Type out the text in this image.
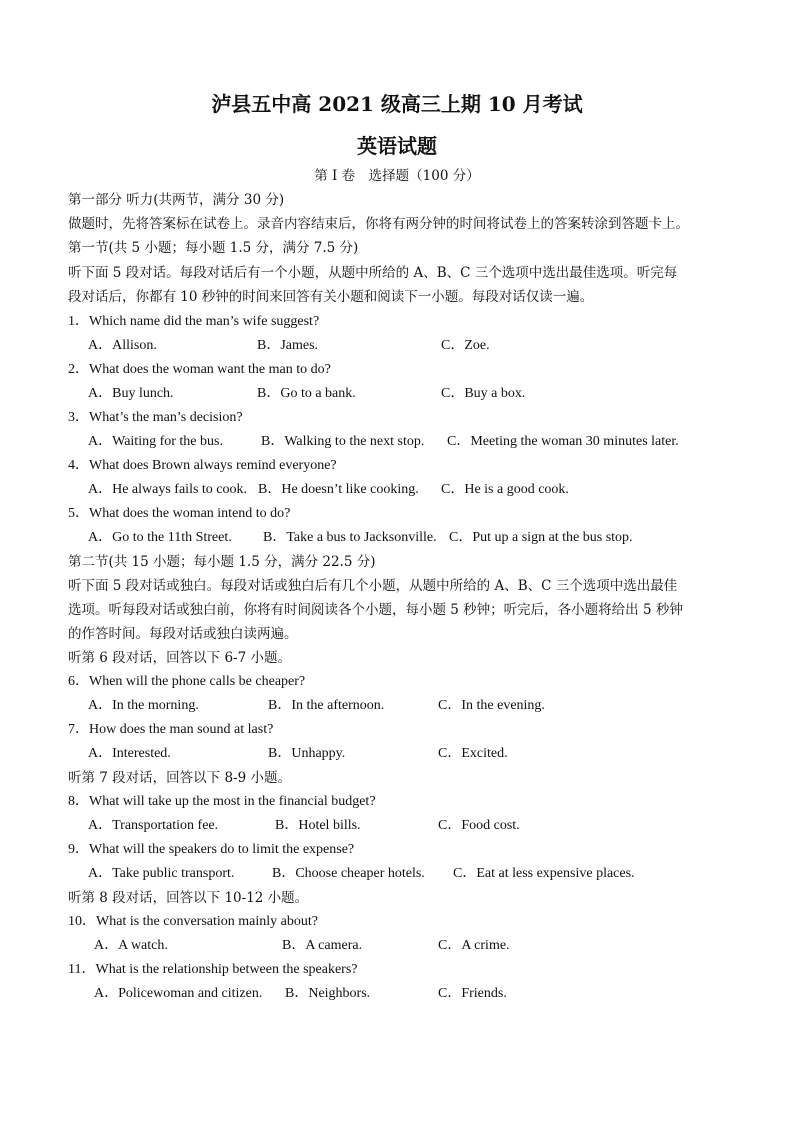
泸县五中高 2021 级高三上期 10 月考试
英语试题
第 I 卷　选择题（100 分）
第一部分 听力(共两节，满分 30 分)
做题时，先将答案标在试卷上。录音内容结束后，你将有两分钟的时间将试卷上的答案转涂到答题卡上。
第一节(共 5 小题；每小题 1.5 分，满分 7.5 分)
听下面 5 段对话。每段对话后有一个小题，从题中所给的 A、B、C 三个选项中选出最佳选项。听完每
段对话后，你都有 10 秒钟的时间来回答有关小题和阅读下一小题。每段对话仅读一遍。
1．Which name did the man’s wife suggest?
A．Allison.	B．James.	C．Zoe.
2．What does the woman want the man to do?
A．Buy lunch.	B．Go to a bank.	C．Buy a box.
3．What’s the man’s decision?
A．Waiting for the bus.	B．Walking to the next stop. C．Meeting the woman 30 minutes later.
4．What does Brown always remind everyone?
A．He always fails to cook. B．He doesn’t like cooking. C．He is a good cook.
5．What does the woman intend to do?
A．Go to the 11th Street. B．Take a bus to Jacksonville. C．Put up a sign at the bus stop.
第二节(共 15 小题；每小题 1.5 分，满分 22.5 分)
听下面 5 段对话或独白。每段对话或独白后有几个小题，从题中所给的 A、B、C 三个选项中选出最佳
选项。听每段对话或独白前，你将有时间阅读各个小题，每小题 5 秒钟；听完后，各小题将给出 5 秒钟
的作答时间。每段对话或独白读两遍。
听第 6 段对话，回答以下 6-7 小题。
6．When will the phone calls be cheaper?
A．In the morning.	B．In the afternoon.	C．In the evening.
7．How does the man sound at last?
A．Interested.	B．Unhappy.	C．Excited.
听第 7 段对话，回答以下 8-9 小题。
8．What will take up the most in the financial budget?
A．Transportation fee.	B．Hotel bills.	C．Food cost.
9．What will the speakers do to limit the expense?
A．Take public transport.	B．Choose cheaper hotels. C．Eat at less expensive places.
听第 8 段对话，回答以下 10-12 小题。
10．What is the conversation mainly about?
A．A watch.	B．A camera.	C．A crime.
11．What is the relationship between the speakers?
A．Policewoman and citizen. B．Neighbors.	C．Friends.
